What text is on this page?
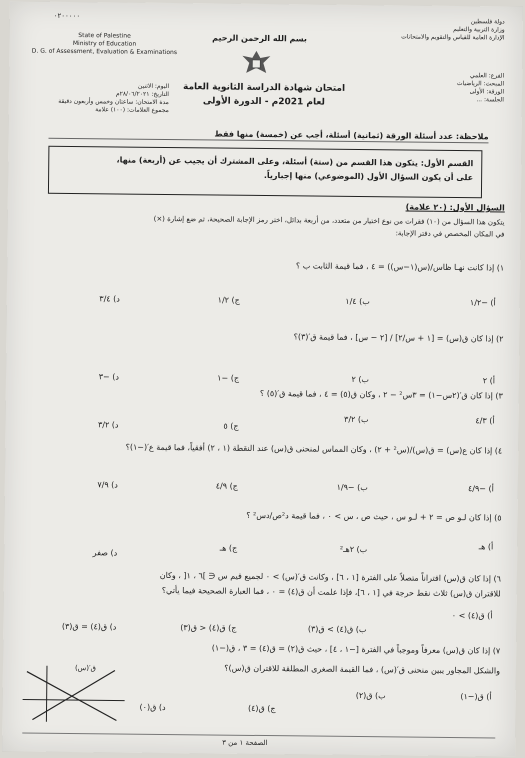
٠٢٠٠٠٠٠
State of Palestine
Ministry of Education
D. G. of Assessment, Evaluation & Examinations
دولة فلسطين
وزارة التربية والتعليم
الإدارة العامة للقياس والتقويم والامتحانات
بسم الله الرحمن الرحيم
امتحان شهادة الدراسة الثانوية العامة
لعام 2021م - الدورة الأولى
اليوم: الاثنين
التاريخ: ٢٨/٠٦/٢٠٢١م
مدة الامتحان: ساعتان وخمس وأربعون دقيقة
مجموع العلامات: (١٠٠) علامة
الفرع: العلمي
المبحث: الرياضيات
الورقة: الأولى
الجلسة: ...
ملاحظة: عدد أسئلة الورقة (ثمانية) أسئلة، أجب عن (خمسة) منها فقط
القسم الأول: يتكون هذا القسم من (ستة) أسئلة، وعلى المشترك أن يجيب عن (أربعة) منها،
على أن يكون السؤال الأول (الموضوعي) منها إجبارياً.
السؤال الأول: (٢٠ علامة)
يتكون هذا السؤال من (١٠) فقرات من نوع اختيار من متعدد، من أربعة بدائل، اختر رمز الإجابة الصحيحة، ثم ضع إشارة (×)
في المكان المخصص في دفتر الإجابة:
١) إذا كانت نهـا ظاس/(س(١−س)) = ٤ ، فما قيمة الثابت ب ؟
أ) −١/٢
ب) ١/٤
ج) ١/٢
د) ٣/٤
٢) إذا كان ق(س) = [١ + س/٢] / [٢ − س] ، فما قيمة ق′(٣)؟
أ) ٢
ب) ٢
ج) −١
د) −٣
٣) إذا كان ق′(٢س−١) = ٣س² − ٢ ، وكان ق(٥) = ٤ ، فما قيمة ق′(٥) ؟
أ) ٤/٣
ب) ٣/٢
ج) ٥
د) ٣/٢
٤) إذا كان ع(س) = ق(س)/(س² + ٢) ، وكان المماس لمنحنى ق(س) عند النقطة (١ ، ٢) أفقياً، فما قيمة ع′(−١)؟
أ) −٤/٩
ب) −١/٩
ج) ٤/٩
د) ٧/٩
٥) إذا كان لـو ص = ٢ + لـو س ، حيث ص ، س > ٠ ، فما قيمة د²ص/دس² ؟
أ) هـ
ب) ٢هـ²
ج) هـ
د) صفر
٦) إذا كان ق(س) اقتراناً متصلاً على الفترة [١ ، ٦] ، وكانت ق′(س) > ٠ لجميع قيم س ∈ ]٦ ، ١[ ، وكان
للاقتران ق(س) ثلاث نقط حرجة في [١ ، ٦]، فإذا علمت أن ق(٤) = ٠ ، فما العبارة الصحيحة فيما يأتي؟
أ) ق(٤) > ٠
ب) ق(٤) > ق(٣)
ج) ق(٤) < ق(٣)
د) ق(٤) = ق(٣)
٧) إذا كان ق(س) معرفاً وموجباً في الفترة [−١ ، ٤] ، حيث ق(٢) = ق(٤) = ٣ ، ق(−١)
والشكل المجاور يبين منحنى ق′(س) ، فما القيمة الصغرى المطلقة للاقتران ق(س)؟
أ) ق(−١)
ب) ق(٢)
ج) ق(٤)
د) ق(٠)
ق′(س)
الصفحة ١ من ٣
